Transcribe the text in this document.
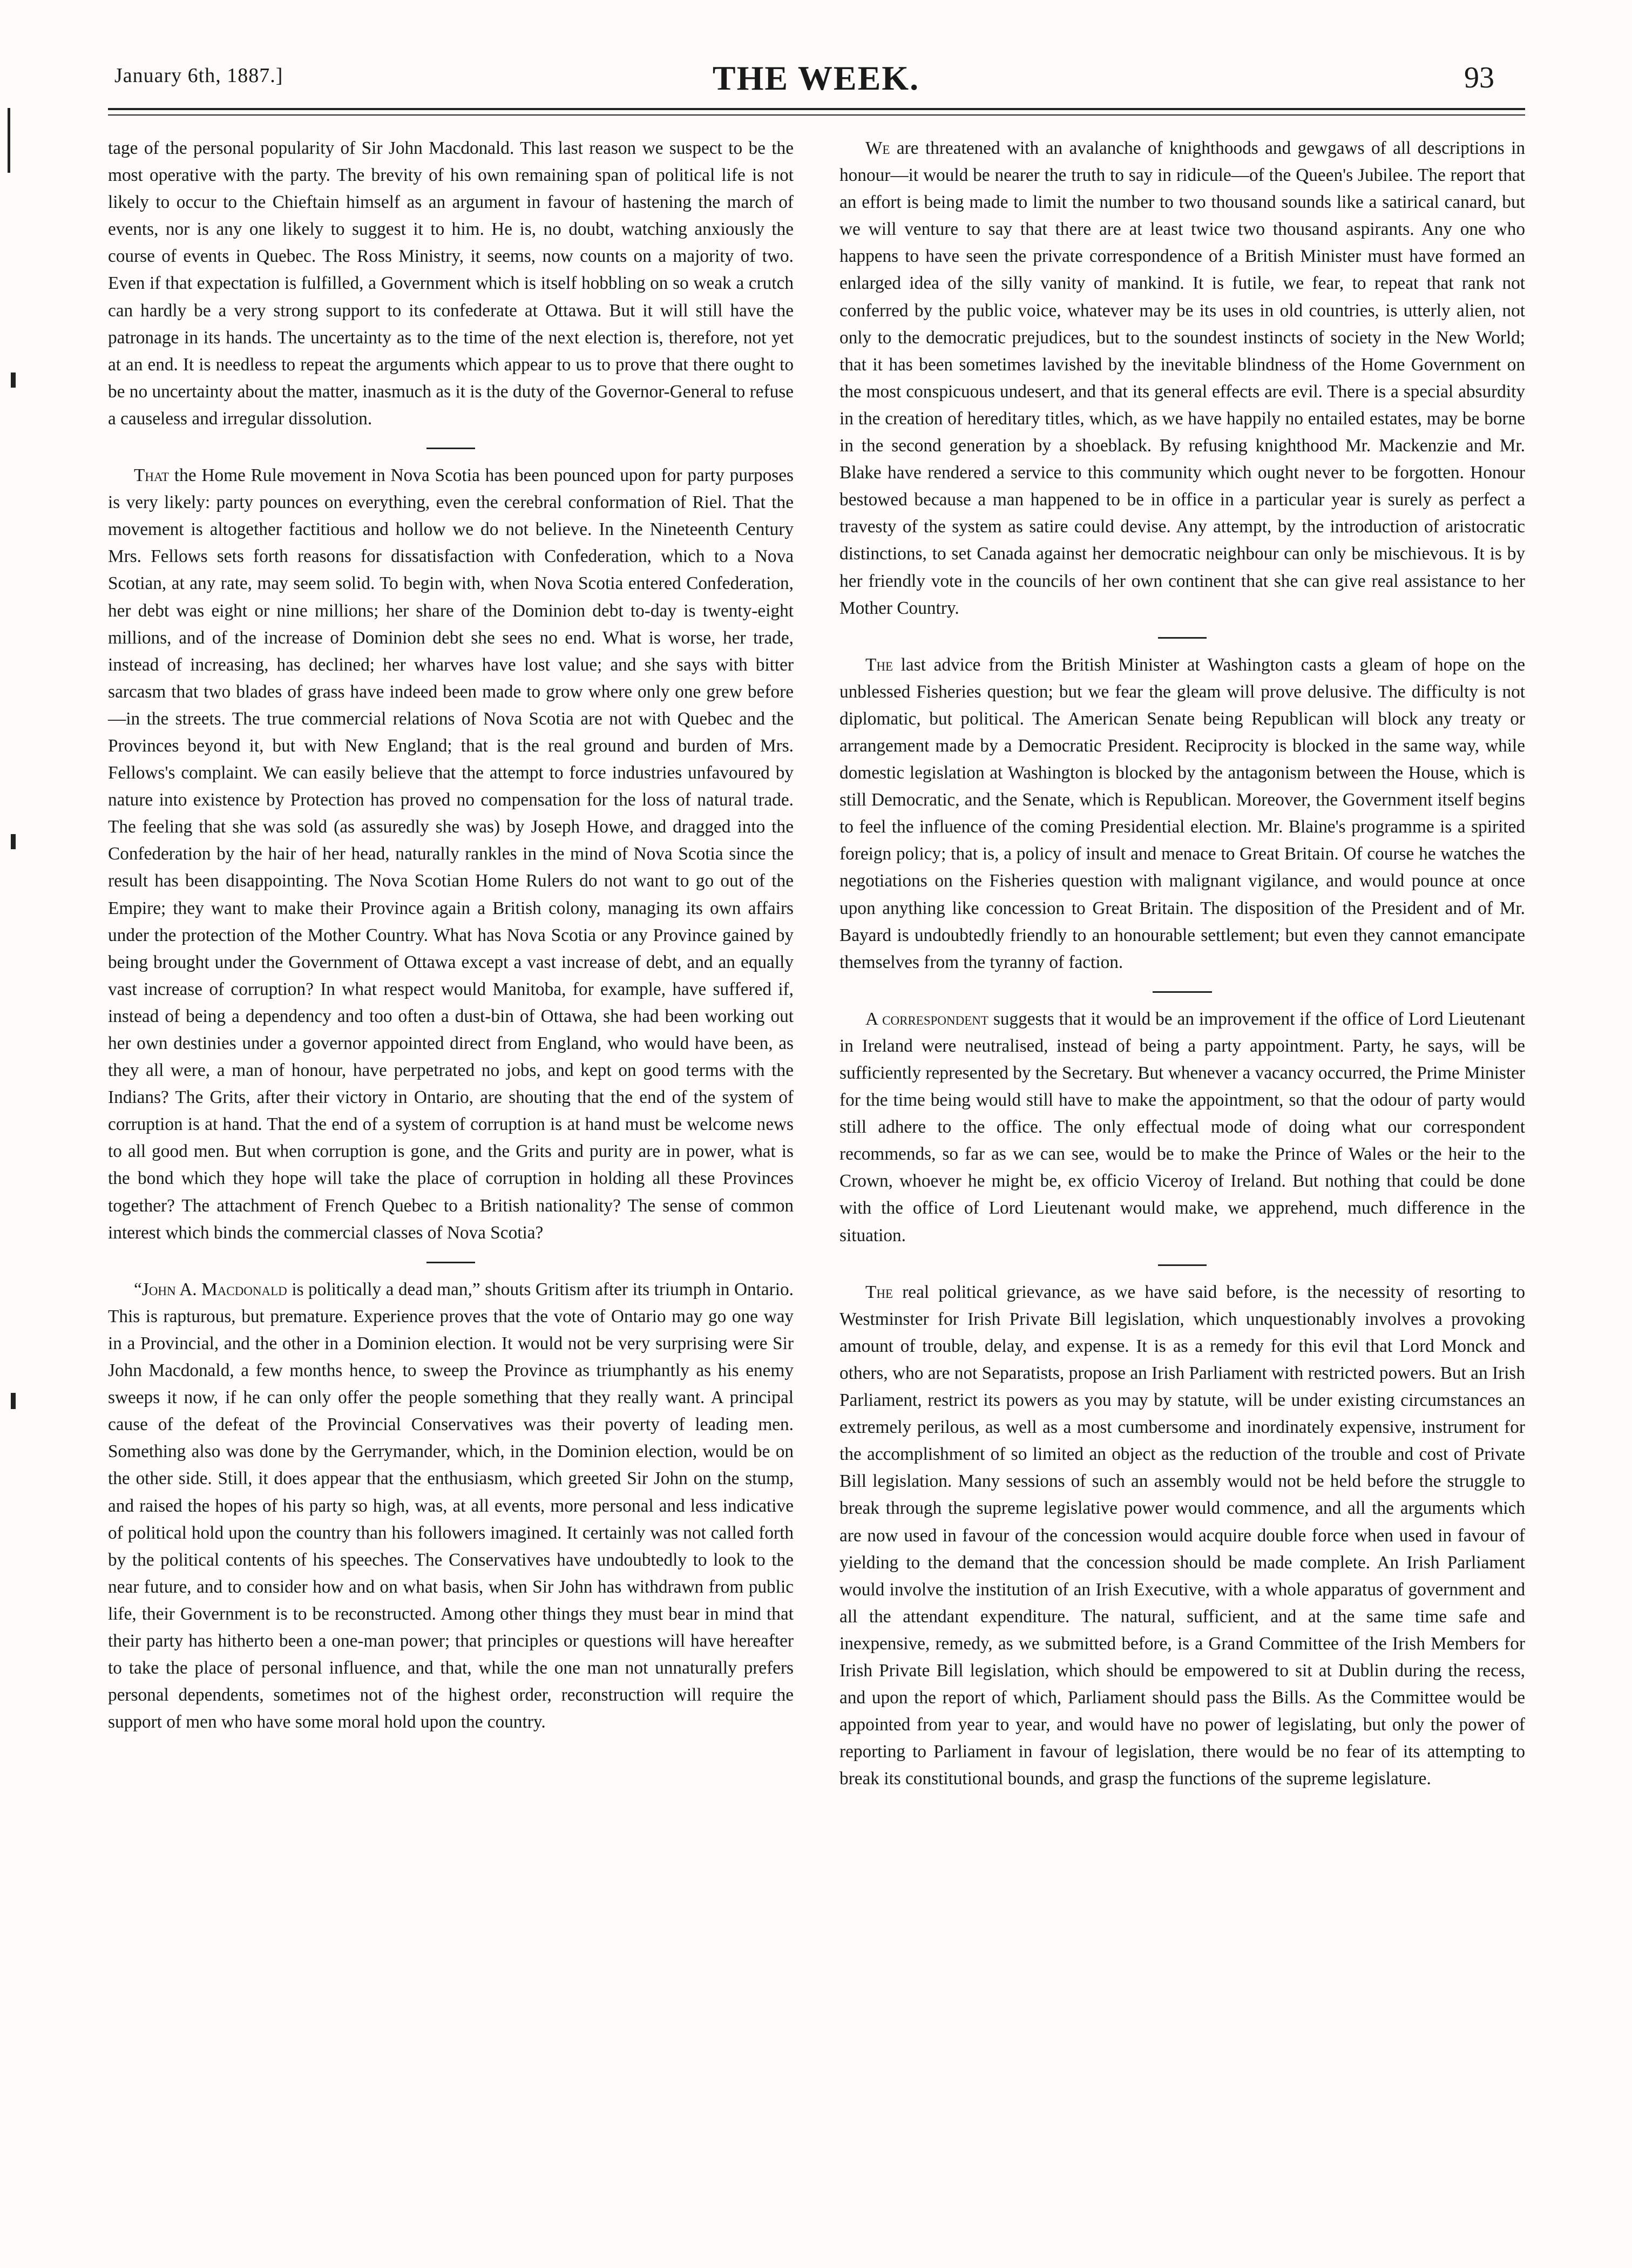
January 6th, 1887.]	THE WEEK.	93

tage of the personal popularity of Sir John Macdonald. This last reason we suspect to be the most operative with the party. The brevity of his own remaining span of political life is not likely to occur to the Chieftain himself as an argument in favour of hastening the march of events, nor is any one likely to suggest it to him. He is, no doubt, watching anxiously the course of events in Quebec. The Ross Ministry, it seems, now counts on a majority of two. Even if that expectation is fulfilled, a Government which is itself hobbling on so weak a crutch can hardly be a very strong support to its confederate at Ottawa. But it will still have the patronage in its hands. The uncertainty as to the time of the next election is, therefore, not yet at an end. It is needless to repeat the arguments which appear to us to prove that there ought to be no uncertainty about the matter, inasmuch as it is the duty of the Governor-General to refuse a causeless and irregular dissolution.

That the Home Rule movement in Nova Scotia has been pounced upon for party purposes is very likely: party pounces on everything, even the cerebral conformation of Riel. That the movement is altogether factitious and hollow we do not believe. In the Nineteenth Century Mrs. Fellows sets forth reasons for dissatisfaction with Confederation, which to a Nova Scotian, at any rate, may seem solid. To begin with, when Nova Scotia entered Confederation, her debt was eight or nine millions; her share of the Dominion debt to-day is twenty-eight millions, and of the increase of Dominion debt she sees no end. What is worse, her trade, instead of increasing, has declined; her wharves have lost value; and she says with bitter sarcasm that two blades of grass have indeed been made to grow where only one grew before—in the streets. The true commercial relations of Nova Scotia are not with Quebec and the Provinces beyond it, but with New England; that is the real ground and burden of Mrs. Fellows's complaint. We can easily believe that the attempt to force industries unfavoured by nature into existence by Protection has proved no compensation for the loss of natural trade. The feeling that she was sold (as assuredly she was) by Joseph Howe, and dragged into the Confederation by the hair of her head, naturally rankles in the mind of Nova Scotia since the result has been disappointing. The Nova Scotian Home Rulers do not want to go out of the Empire; they want to make their Province again a British colony, managing its own affairs under the protection of the Mother Country. What has Nova Scotia or any Province gained by being brought under the Government of Ottawa except a vast increase of debt, and an equally vast increase of corruption? In what respect would Manitoba, for example, have suffered if, instead of being a dependency and too often a dust-bin of Ottawa, she had been working out her own destinies under a governor appointed direct from England, who would have been, as they all were, a man of honour, have perpetrated no jobs, and kept on good terms with the Indians? The Grits, after their victory in Ontario, are shouting that the end of the system of corruption is at hand. That the end of a system of corruption is at hand must be welcome news to all good men. But when corruption is gone, and the Grits and purity are in power, what is the bond which they hope will take the place of corruption in holding all these Provinces together? The attachment of French Quebec to a British nationality? The sense of common interest which binds the commercial classes of Nova Scotia?

“John A. Macdonald is politically a dead man,” shouts Gritism after its triumph in Ontario. This is rapturous, but premature. Experience proves that the vote of Ontario may go one way in a Provincial, and the other in a Dominion election. It would not be very surprising were Sir John Macdonald, a few months hence, to sweep the Province as triumphantly as his enemy sweeps it now, if he can only offer the people something that they really want. A principal cause of the defeat of the Provincial Conservatives was their poverty of leading men. Something also was done by the Gerrymander, which, in the Dominion election, would be on the other side. Still, it does appear that the enthusiasm, which greeted Sir John on the stump, and raised the hopes of his party so high, was, at all events, more personal and less indicative of political hold upon the country than his followers imagined. It certainly was not called forth by the political contents of his speeches. The Conservatives have undoubtedly to look to the near future, and to consider how and on what basis, when Sir John has withdrawn from public life, their Government is to be reconstructed. Among other things they must bear in mind that their party has hitherto been a one-man power; that principles or questions will have hereafter to take the place of personal influence, and that, while the one man not unnaturally prefers personal dependents, sometimes not of the highest order, reconstruction will require the support of men who have some moral hold upon the country.

We are threatened with an avalanche of knighthoods and gewgaws of all descriptions in honour—it would be nearer the truth to say in ridicule—of the Queen's Jubilee. The report that an effort is being made to limit the number to two thousand sounds like a satirical canard, but we will venture to say that there are at least twice two thousand aspirants. Any one who happens to have seen the private correspondence of a British Minister must have formed an enlarged idea of the silly vanity of mankind. It is futile, we fear, to repeat that rank not conferred by the public voice, whatever may be its uses in old countries, is utterly alien, not only to the democratic prejudices, but to the soundest instincts of society in the New World; that it has been sometimes lavished by the inevitable blindness of the Home Government on the most conspicuous undesert, and that its general effects are evil. There is a special absurdity in the creation of hereditary titles, which, as we have happily no entailed estates, may be borne in the second generation by a shoeblack. By refusing knighthood Mr. Mackenzie and Mr. Blake have rendered a service to this community which ought never to be forgotten. Honour bestowed because a man happened to be in office in a particular year is surely as perfect a travesty of the system as satire could devise. Any attempt, by the introduction of aristocratic distinctions, to set Canada against her democratic neighbour can only be mischievous. It is by her friendly vote in the councils of her own continent that she can give real assistance to her Mother Country.

The last advice from the British Minister at Washington casts a gleam of hope on the unblessed Fisheries question; but we fear the gleam will prove delusive. The difficulty is not diplomatic, but political. The American Senate being Republican will block any treaty or arrangement made by a Democratic President. Reciprocity is blocked in the same way, while domestic legislation at Washington is blocked by the antagonism between the House, which is still Democratic, and the Senate, which is Republican. Moreover, the Government itself begins to feel the influence of the coming Presidential election. Mr. Blaine's programme is a spirited foreign policy; that is, a policy of insult and menace to Great Britain. Of course he watches the negotiations on the Fisheries question with malignant vigilance, and would pounce at once upon anything like concession to Great Britain. The disposition of the President and of Mr. Bayard is undoubtedly friendly to an honourable settlement; but even they cannot emancipate themselves from the tyranny of faction.

A correspondent suggests that it would be an improvement if the office of Lord Lieutenant in Ireland were neutralised, instead of being a party appointment. Party, he says, will be sufficiently represented by the Secretary. But whenever a vacancy occurred, the Prime Minister for the time being would still have to make the appointment, so that the odour of party would still adhere to the office. The only effectual mode of doing what our correspondent recommends, so far as we can see, would be to make the Prince of Wales or the heir to the Crown, whoever he might be, ex officio Viceroy of Ireland. But nothing that could be done with the office of Lord Lieutenant would make, we apprehend, much difference in the situation.

The real political grievance, as we have said before, is the necessity of resorting to Westminster for Irish Private Bill legislation, which unquestionably involves a provoking amount of trouble, delay, and expense. It is as a remedy for this evil that Lord Monck and others, who are not Separatists, propose an Irish Parliament with restricted powers. But an Irish Parliament, restrict its powers as you may by statute, will be under existing circumstances an extremely perilous, as well as a most cumbersome and inordinately expensive, instrument for the accomplishment of so limited an object as the reduction of the trouble and cost of Private Bill legislation. Many sessions of such an assembly would not be held before the struggle to break through the supreme legislative power would commence, and all the arguments which are now used in favour of the concession would acquire double force when used in favour of yielding to the demand that the concession should be made complete. An Irish Parliament would involve the institution of an Irish Executive, with a whole apparatus of government and all the attendant expenditure. The natural, sufficient, and at the same time safe and inexpensive, remedy, as we submitted before, is a Grand Committee of the Irish Members for Irish Private Bill legislation, which should be empowered to sit at Dublin during the recess, and upon the report of which, Parliament should pass the Bills. As the Committee would be appointed from year to year, and would have no power of legislating, but only the power of reporting to Parliament in favour of legislation, there would be no fear of its attempting to break its constitutional bounds, and grasp the functions of the supreme legislature.
